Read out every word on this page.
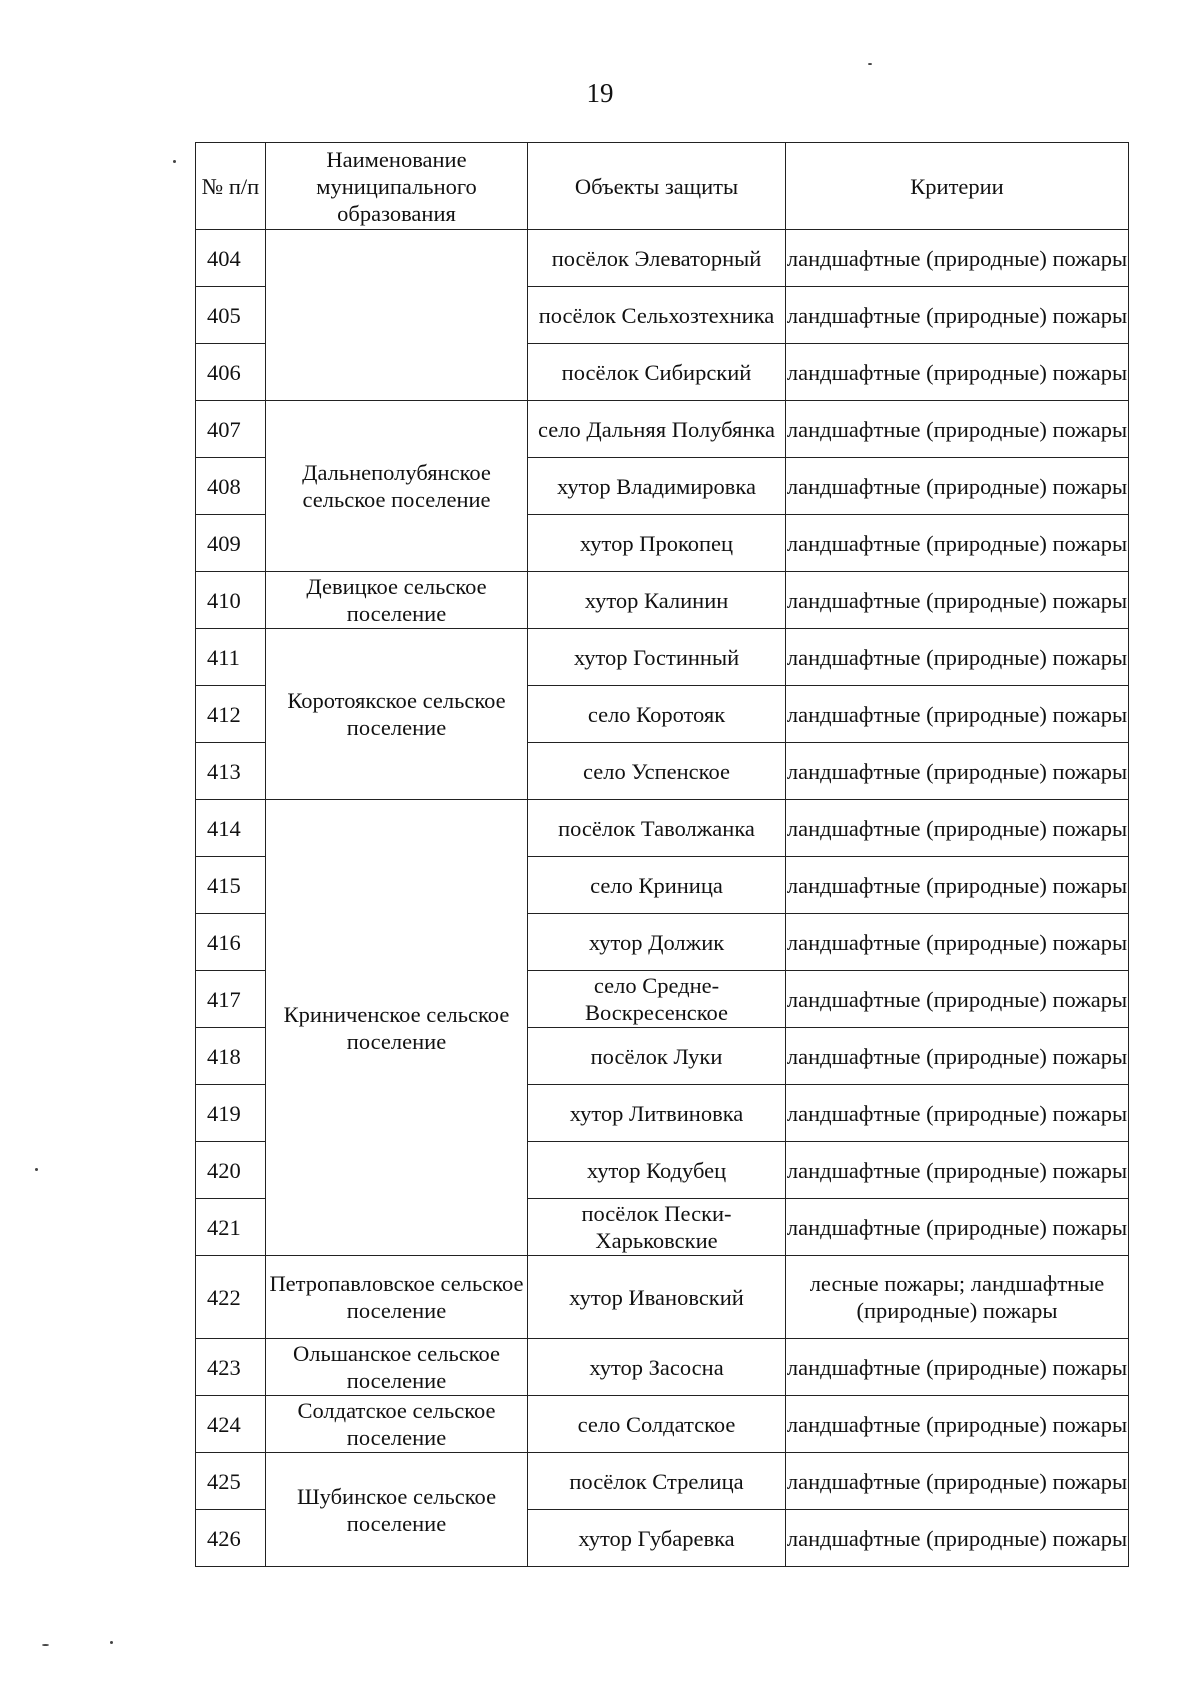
19
№ п/п	Наименование муниципального образования	Объекты защиты	Критерии
404		посёлок Элеваторный	ландшафтные (природные) пожары
405		посёлок Сельхозтехника	ландшафтные (природные) пожары
406		посёлок Сибирский	ландшафтные (природные) пожары
407	Дальнеполубянское сельское поселение	село Дальняя Полубянка	ландшафтные (природные) пожары
408		хутор Владимировка	ландшафтные (природные) пожары
409		хутор Прокопец	ландшафтные (природные) пожары
410	Девицкое сельское поселение	хутор Калинин	ландшафтные (природные) пожары
411	Коротоякское сельское поселение	хутор Гостинный	ландшафтные (природные) пожары
412		село Коротояк	ландшафтные (природные) пожары
413		село Успенское	ландшафтные (природные) пожары
414	Криниченское сельское поселение	посёлок Таволжанка	ландшафтные (природные) пожары
415		село Криница	ландшафтные (природные) пожары
416		хутор Должик	ландшафтные (природные) пожары
417		село Средне-Воскресенское	ландшафтные (природные) пожары
418		посёлок Луки	ландшафтные (природные) пожары
419		хутор Литвиновка	ландшафтные (природные) пожары
420		хутор Кодубец	ландшафтные (природные) пожары
421		посёлок Пески-Харьковские	ландшафтные (природные) пожары
422	Петропавловское сельское поселение	хутор Ивановский	лесные пожары; ландшафтные (природные) пожары
423	Ольшанское сельское поселение	хутор Засосна	ландшафтные (природные) пожары
424	Солдатское сельское поселение	село Солдатское	ландшафтные (природные) пожары
425	Шубинское сельское поселение	посёлок Стрелица	ландшафтные (природные) пожары
426		хутор Губаревка	ландшафтные (природные) пожары
